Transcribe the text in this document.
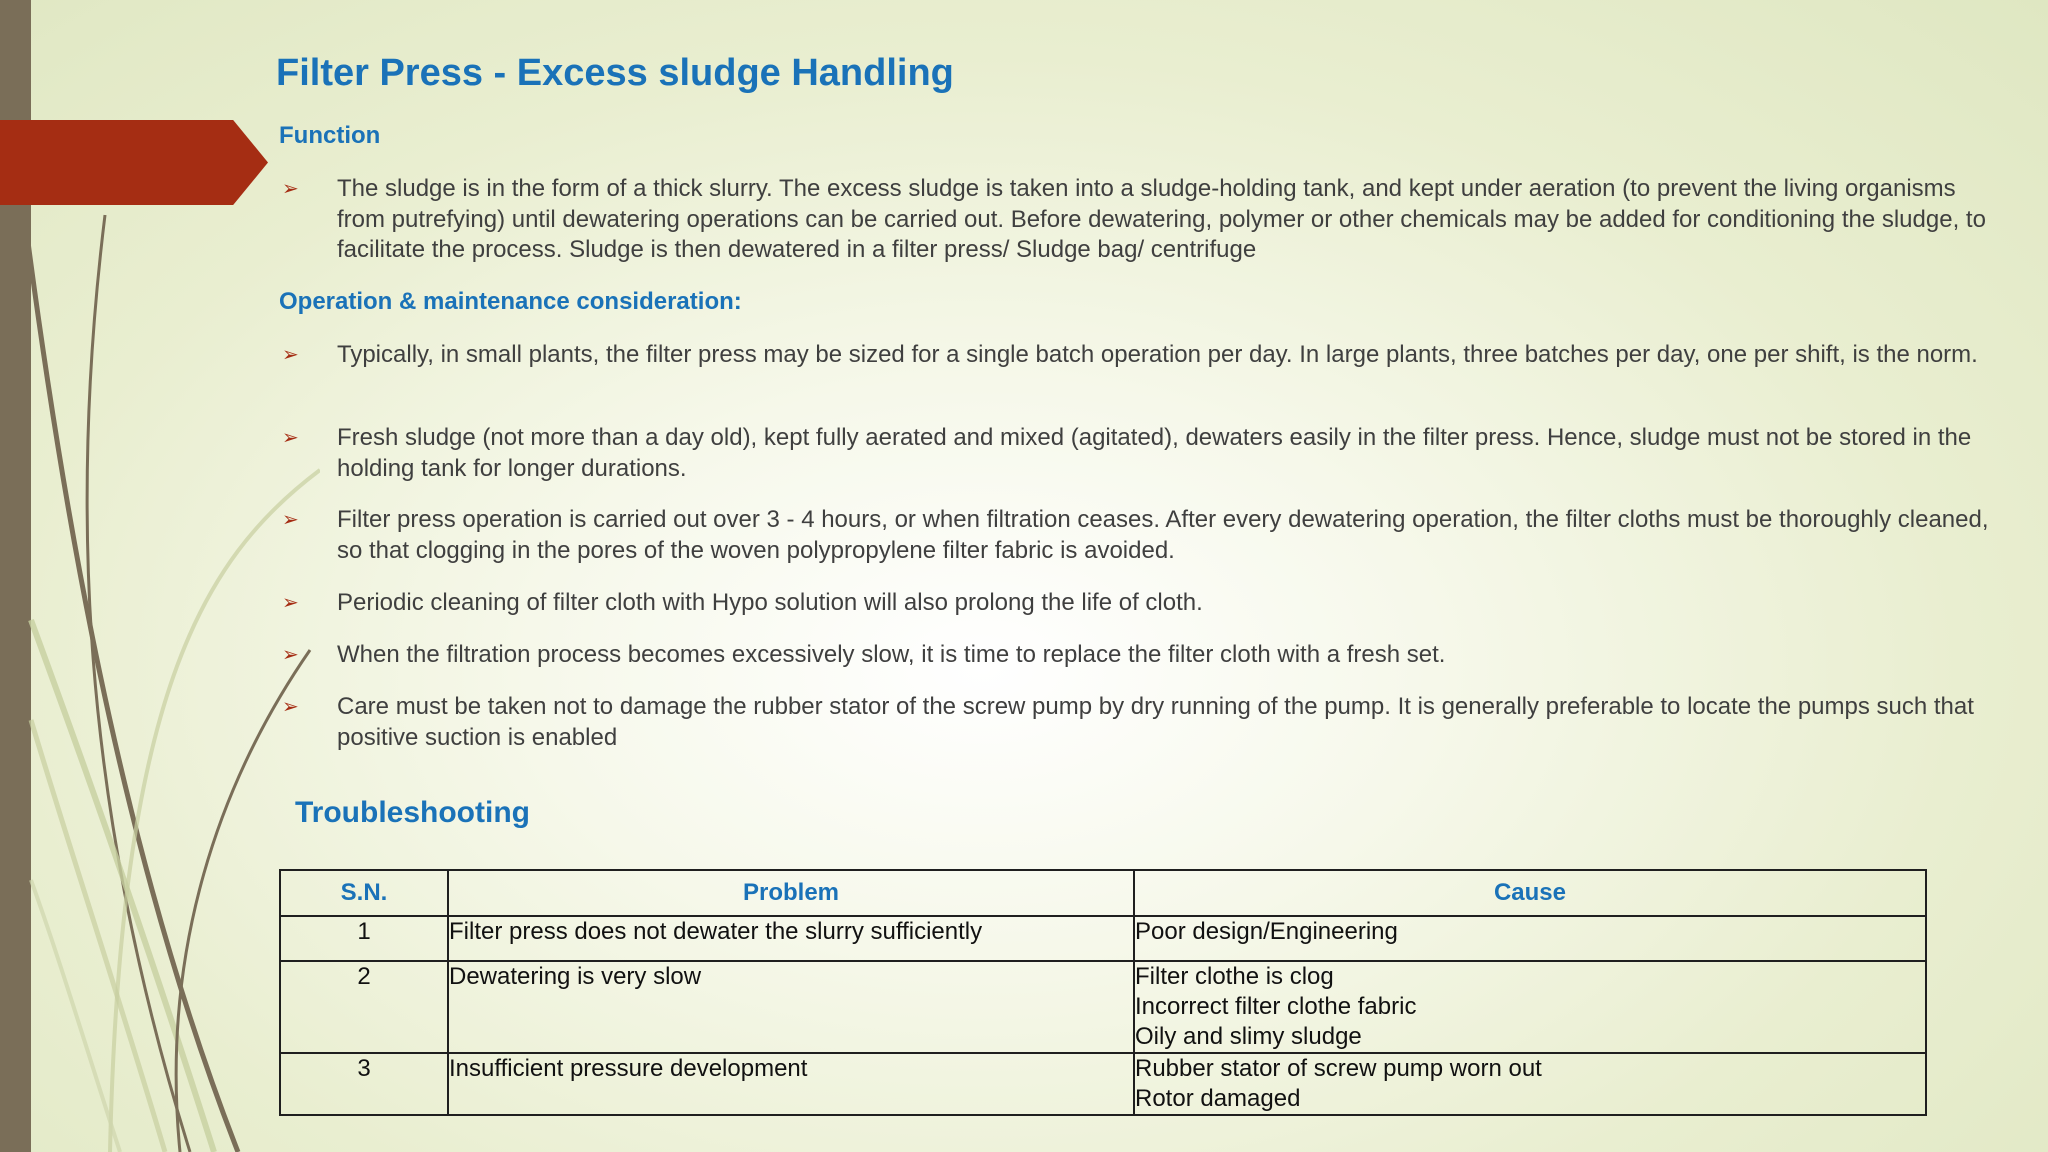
Filter Press - Excess sludge Handling
Function
➢ The sludge is in the form of a thick slurry. The excess sludge is taken into a sludge-holding tank, and kept under aeration (to prevent the living organisms from putrefying) until dewatering operations can be carried out. Before dewatering, polymer or other chemicals may be added for conditioning the sludge, to facilitate the process. Sludge is then dewatered in a filter press/ Sludge bag/ centrifuge
Operation & maintenance consideration:
➢ Typically, in small plants, the filter press may be sized for a single batch operation per day. In large plants, three batches per day, one per shift, is the norm.
➢ Fresh sludge (not more than a day old), kept fully aerated and mixed (agitated), dewaters easily in the filter press. Hence, sludge must not be stored in the holding tank for longer durations.
➢ Filter press operation is carried out over 3 - 4 hours, or when filtration ceases. After every dewatering operation, the filter cloths must be thoroughly cleaned, so that clogging in the pores of the woven polypropylene filter fabric is avoided.
➢ Periodic cleaning of filter cloth with Hypo solution will also prolong the life of cloth.
➢ When the filtration process becomes excessively slow, it is time to replace the filter cloth with a fresh set.
➢ Care must be taken not to damage the rubber stator of the screw pump by dry running of the pump. It is generally preferable to locate the pumps such that positive suction is enabled
Troubleshooting
S.N.	Problem	Cause
1	Filter press does not dewater the slurry sufficiently	Poor design/Engineering

2	Dewatering is very slow	Filter clothe is clog
Incorrect filter clothe fabric
Oily and slimy sludge

3	Insufficient pressure development	Rubber stator of screw pump worn out
Rotor damaged
